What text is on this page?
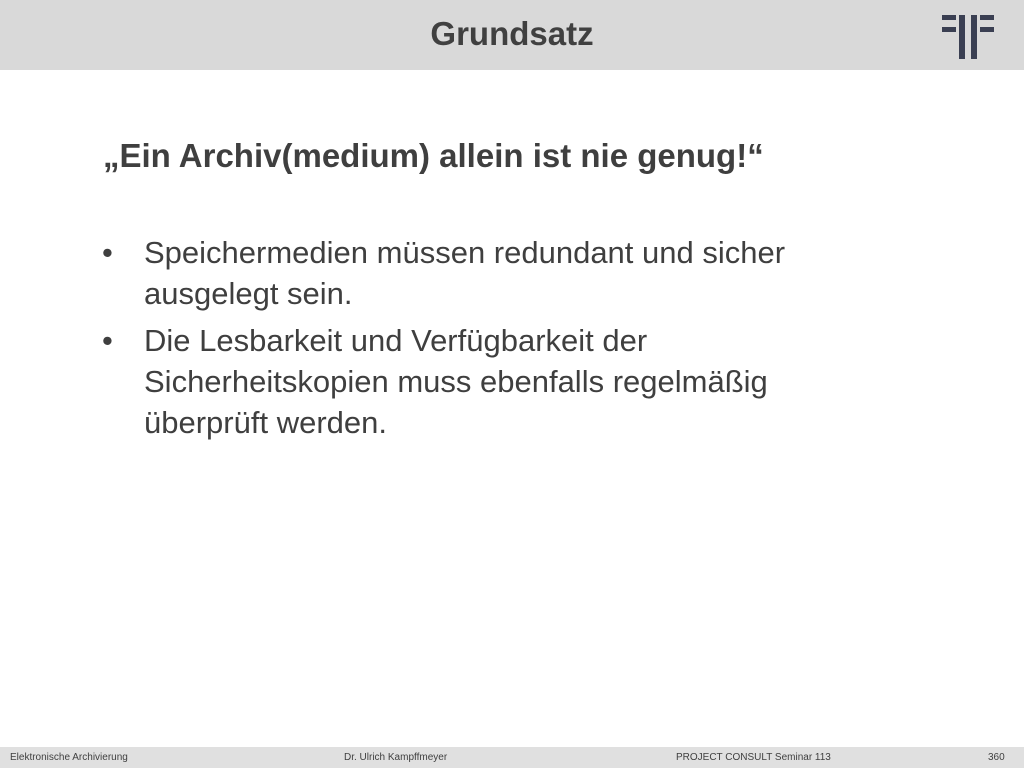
Grundsatz
„Ein Archiv(medium) allein ist nie genug!“
• Speichermedien müssen redundant und sicher ausgelegt sein.
• Die Lesbarkeit und Verfügbarkeit der Sicherheitskopien muss ebenfalls regelmäßig überprüft werden.
Elektronische Archivierung	Dr. Ulrich Kampffmeyer	PROJECT CONSULT Seminar 113	360
